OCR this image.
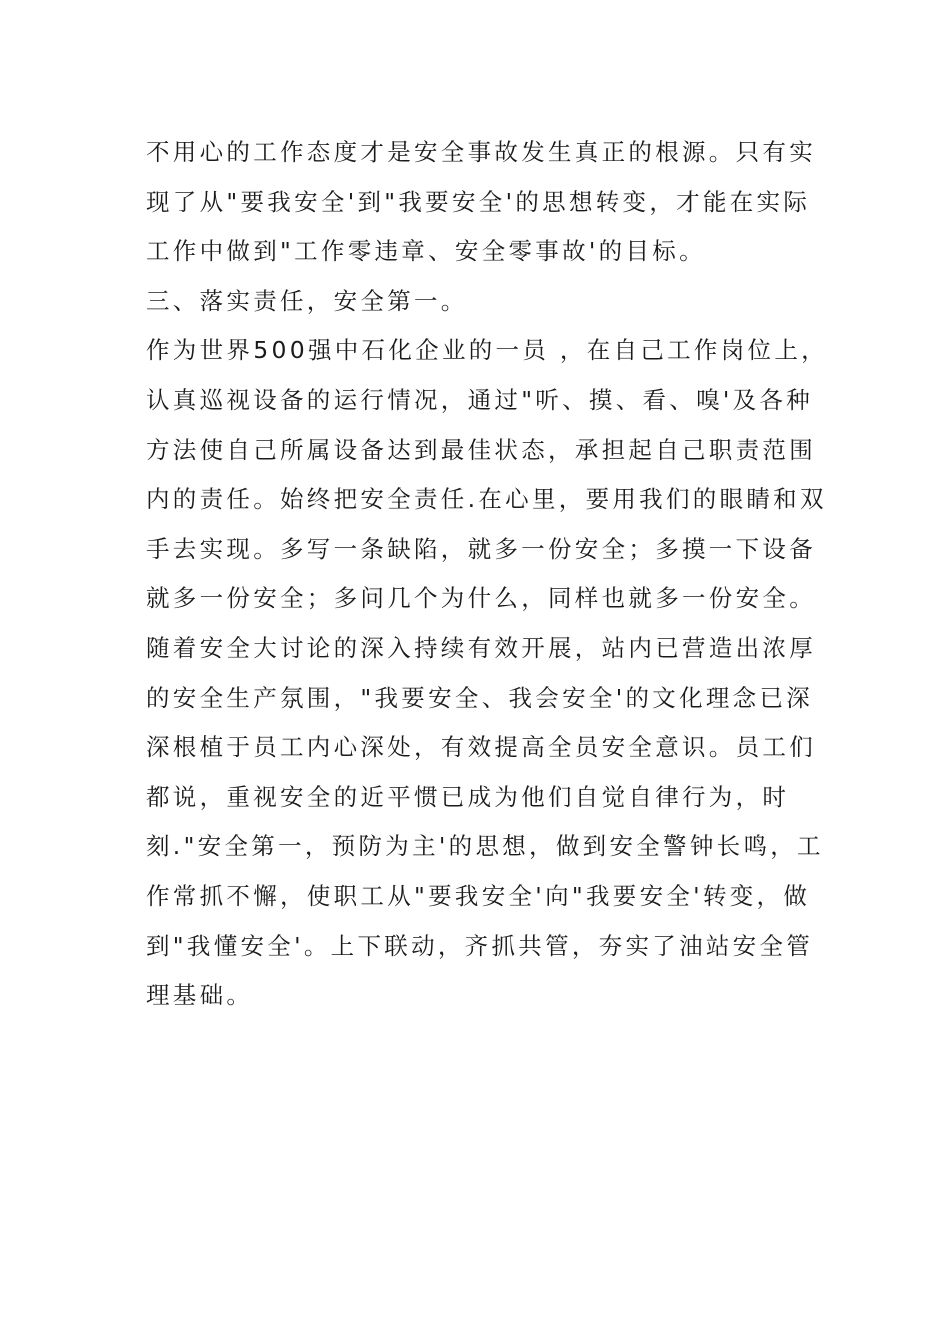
不用心的工作态度才是安全事故发生真正的根源。只有实
现了从"要我安全'到"我要安全'的思想转变，才能在实际
工作中做到"工作零违章、安全零事故'的目标。
三、落实责任，安全第一。
作为世界500强中石化企业的一员 ，在自己工作岗位上，
认真巡视设备的运行情况，通过"听、摸、看、嗅'及各种
方法使自己所属设备达到最佳状态，承担起自己职责范围
内的责任。始终把安全责任.在心里，要用我们的眼睛和双
手去实现。多写一条缺陷，就多一份安全；多摸一下设备
就多一份安全；多问几个为什么，同样也就多一份安全。
随着安全大讨论的深入持续有效开展，站内已营造出浓厚
的安全生产氛围，"我要安全、我会安全'的文化理念已深
深根植于员工内心深处，有效提高全员安全意识。员工们
都说，重视安全的近平惯已成为他们自觉自律行为，时
刻."安全第一，预防为主'的思想，做到安全警钟长鸣，工
作常抓不懈，使职工从"要我安全'向"我要安全'转变，做
到"我懂安全'。上下联动，齐抓共管，夯实了油站安全管
理基础。
